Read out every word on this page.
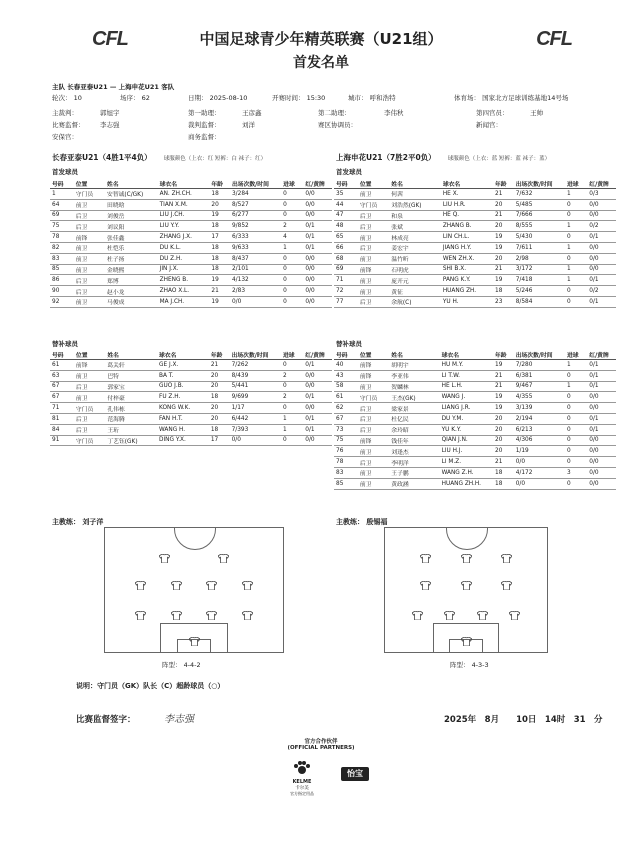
CFL	CFL
中国足球青少年精英联赛（U21组）
首发名单
主队 长春亚泰U21 — 上海申花U21 客队
轮次： 10	场序： 62	日期： 2025-08-10	开赛时间： 15:30	城市： 呼和浩特	体育场： 国家北方足球训练基地14号场
主裁判：	郭旭宇	第一助理：	王彦鑫	第二助理：	李伟秋	第四官员：	王帅
比赛监督： 李志强	裁判监督：	刘洋	赛区协调员：	新闻官：
安保官：	商务监督：
长春亚泰U21（4胜1平4负） 球服颜色（上衣：红 短裤：白 袜子：红）	上海申花U21（7胜2平0负） 球服颜色（上衣：蓝 短裤：蓝 袜子：蓝）
首发球员	首发球员
号码	位置	姓名	球衣名	年龄	出场次数/时间	进球	红/黄牌
1	守门员	安智诚(C/GK)	AN. ZH.CH.	18	3/284	0	0/0
64	前卫	田晓晗	TIAN X.M.	20	8/527	0	0/0
69	后卫	刘俊岳	LIU J.CH.	19	6/277	0	0/0
75	后卫	刘议阳	LIU Y.Y.	18	9/852	2	0/1
78	前锋	张佳鑫	ZHANG J.X.	17	6/333	4	0/1
82	前卫	杜恺乐	DU K.L.	18	9/633	1	0/1
83	前卫	杜子扬	DU Z.H.	18	8/437	0	0/0
85	前卫	金晓熙	JIN J.X.	18	2/101	0	0/0
86	后卫	郑博	ZHENG B.	19	4/132	0	0/0
90	后卫	赵小龙	ZHAO X.L.	21	2/83	0	0/0
92	前卫	马俊成	MA J.CH.	19	0/0	0	0/0
号码	位置	姓名	球衣名	年龄	出场次数/时间	进球	红/黄牌
35	前卫	何茜	HE X.	21	7/632	1	0/3
44	守门员	刘浩然(GK)	LIU H.R.	20	5/485	0	0/0
47	后卫	和泉	HE Q.	21	7/666	0	0/0
48	后卫	张斌	ZHANG B.	20	8/555	1	0/2
65	前卫	林成亮	LIN CH.L.	19	5/430	0	0/1
66	后卫	姜宏宇	JIANG H.Y.	19	7/611	1	0/0
68	前卫	温竹昕	WEN ZH.X.	20	2/98	0	0/0
69	前锋	石明虎	SHI B.X.	21	3/172	1	0/0
71	前卫	庞开元	PANG K.Y.	19	7/418	1	0/1
72	前卫	黄征	HUANG ZH.	18	5/246	0	0/2
77	后卫	余航(C)	YU H.	23	8/584	0	0/1
替补球员	替补球员
号码	位置	姓名	球衣名	年龄	出场次数/时间	进球	红/黄牌
61	前锋	葛关轩	GE J.X.	21	7/262	0	0/1
63	前卫	巴特	BA T.	20	8/439	2	0/0
67	后卫	郭家宝	GUO J.B.	20	5/441	0	0/0
67	前卫	付梓豪	FU Z.H.	18	9/699	2	0/1
71	守门员	孔伟栋	KONG W.K.	20	1/17	0	0/0
81	后卫	范海腾	FAN H.T.	20	6/442	1	0/1
84	后卫	王珩	WANG H.	18	7/393	1	0/1
91	守门员	丁艺钰(GK)	DING Y.X.	17	0/0	0	0/0
号码	位置	姓名	球衣名	年龄	出场次数/时间	进球	红/黄牌
40	前锋	胡明宇	HU M.Y.	19	7/280	1	0/1
43	前锋	李亚伟	LI T.W.	21	6/381	0	0/1
58	前卫	贺麟林	HE L.H.	21	9/467	1	0/1
61	守门员	王杰(GK)	WANG J.	19	4/355	0	0/0
62	后卫	梁家景	LIANG J.R.	19	3/139	0	0/0
67	后卫	杜亿民	DU Y.M.	20	2/194	0	0/1
73	后卫	余玲昭	YU K.Y.	20	6/213	0	0/1
75	前锋	钱佳年	QIAN J.N.	20	4/306	0	0/0
76	前卫	刘逢杰	LIU H.J.	20	1/19	0	0/0
78	后卫	李明洋	LI M.Z.	21	0/0	0	0/0
83	前卫	王子鹏	WANG Z.H.	18	4/172	3	0/0
85	前卫	黄政涵	HUANG ZH.H.	18	0/0	0	0/0
主教练： 刘子洋	主教练： 殷锡福
阵型： 4-4-2	阵型： 4-3-3
说明：守门员（GK）队长（C）超龄球员（○）
比赛监督签字：	李志强	2025年　8月　　10日　14时　31　分
官方合作伙伴
(OFFICIAL PARTNERS)
KELME
卡尔美
官方指定用品
怡宝
